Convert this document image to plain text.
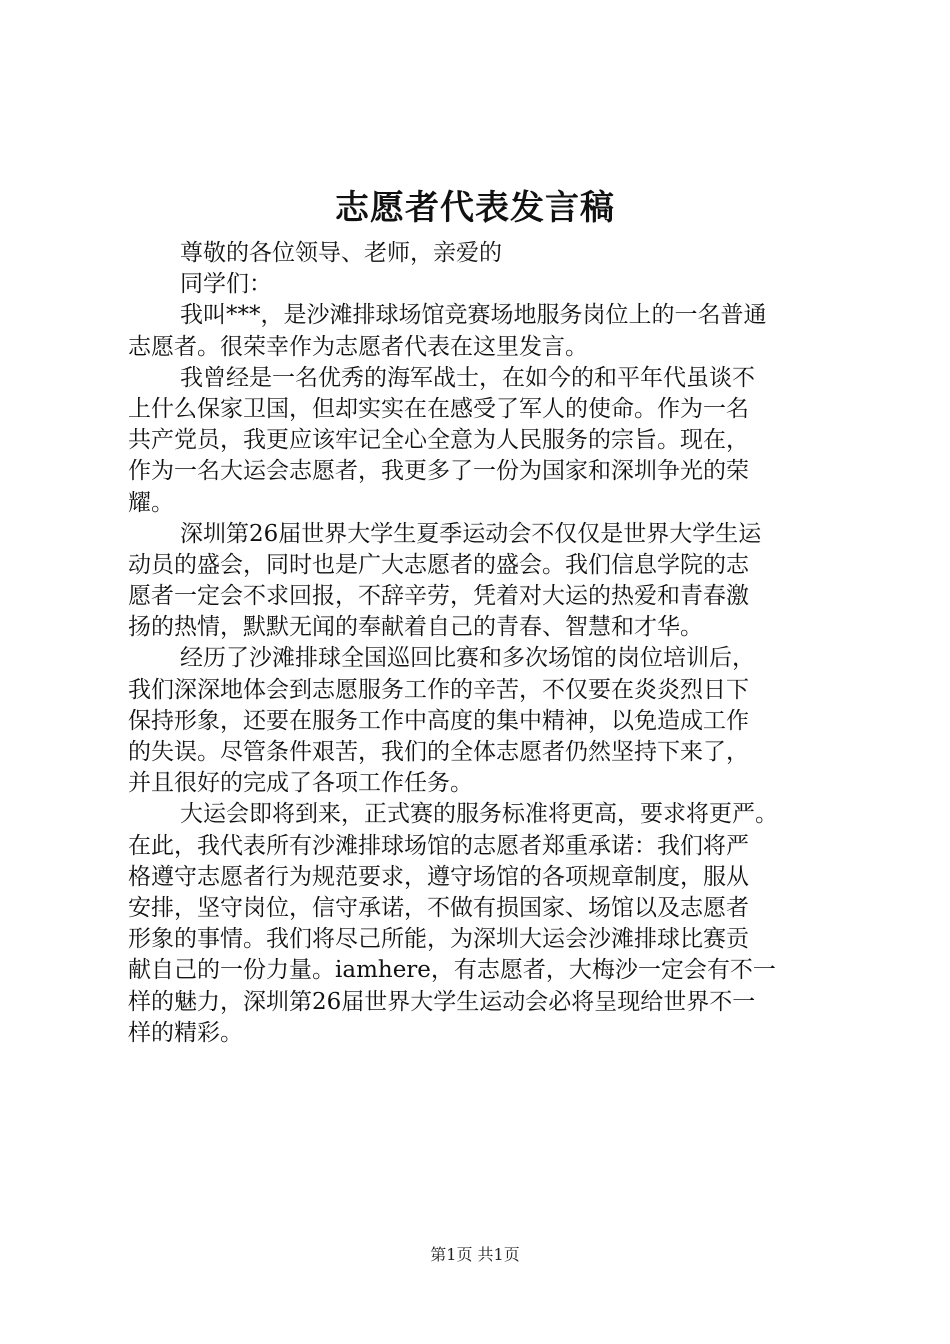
志愿者代表发言稿
尊敬的各位领导、老师，亲爱的
同学们：
我叫***，是沙滩排球场馆竞赛场地服务岗位上的一名普通
志愿者。很荣幸作为志愿者代表在这里发言。
我曾经是一名优秀的海军战士，在如今的和平年代虽谈不
上什么保家卫国，但却实实在在感受了军人的使命。作为一名
共产党员，我更应该牢记全心全意为人民服务的宗旨。现在，
作为一名大运会志愿者，我更多了一份为国家和深圳争光的荣
耀。
深圳第26届世界大学生夏季运动会不仅仅是世界大学生运
动员的盛会，同时也是广大志愿者的盛会。我们信息学院的志
愿者一定会不求回报，不辞辛劳，凭着对大运的热爱和青春激
扬的热情，默默无闻的奉献着自己的青春、智慧和才华。
经历了沙滩排球全国巡回比赛和多次场馆的岗位培训后，
我们深深地体会到志愿服务工作的辛苦，不仅要在炎炎烈日下
保持形象，还要在服务工作中高度的集中精神，以免造成工作
的失误。尽管条件艰苦，我们的全体志愿者仍然坚持下来了，
并且很好的完成了各项工作任务。
大运会即将到来，正式赛的服务标准将更高，要求将更严。
在此，我代表所有沙滩排球场馆的志愿者郑重承诺：我们将严
格遵守志愿者行为规范要求，遵守场馆的各项规章制度，服从
安排，坚守岗位，信守承诺，不做有损国家、场馆以及志愿者
形象的事情。我们将尽己所能，为深圳大运会沙滩排球比赛贡
献自己的一份力量。iamhere，有志愿者，大梅沙一定会有不一
样的魅力，深圳第26届世界大学生运动会必将呈现给世界不一
样的精彩。
第1页 共1页
